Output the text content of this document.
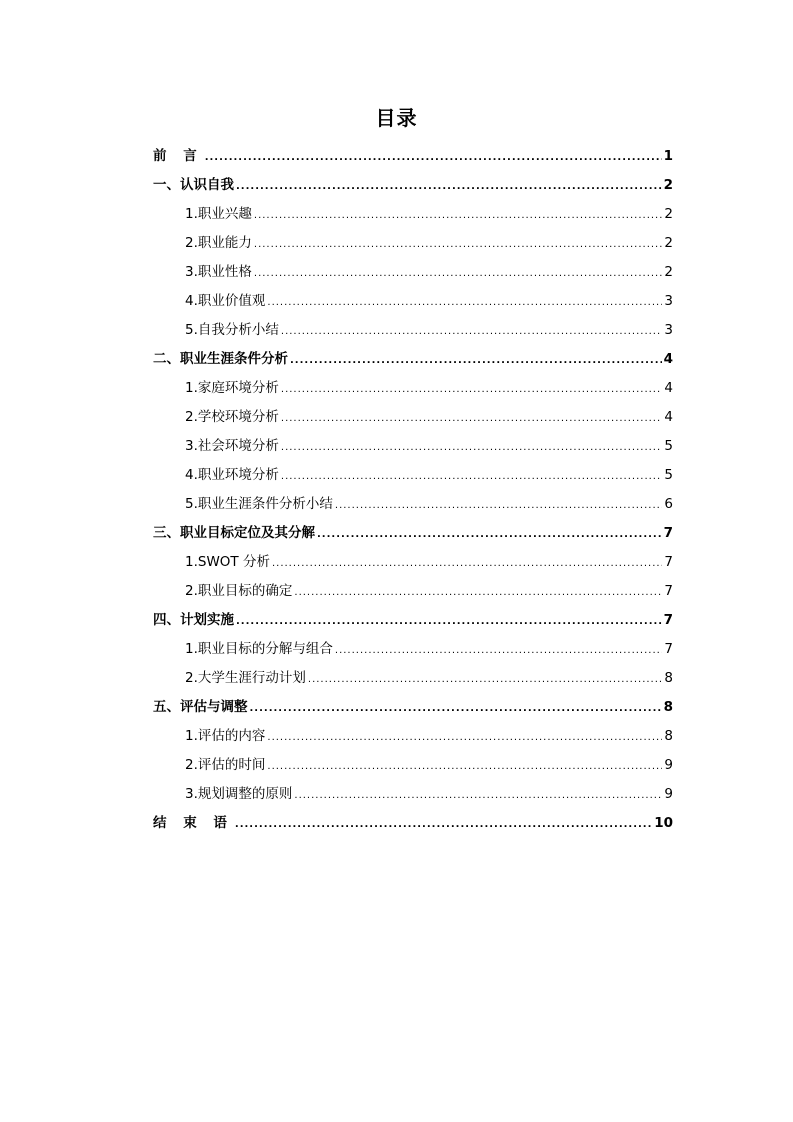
目录
前 言 .....	1
一、认识自我 .....	2
1.职业兴趣 .....	2
2.职业能力 .....	2
3.职业性格 .....	2
4.职业价值观 .....	3
5.自我分析小结 .....	3
二、职业生涯条件分析 .....	4
1.家庭环境分析 .....	4
2.学校环境分析 .....	4
3.社会环境分析 .....	5
4.职业环境分析 .....	5
5.职业生涯条件分析小结 .....	6
三、职业目标定位及其分解 .....	7
1.SWOT 分析 .....	7
2.职业目标的确定 .....	7
四、计划实施 .....	7
1.职业目标的分解与组合 .....	7
2.大学生涯行动计划 .....	8
五、评估与调整 .....	8
1.评估的内容 .....	8
2.评估的时间 .....	9
3.规划调整的原则 .....	9
结 束 语 .....	10
